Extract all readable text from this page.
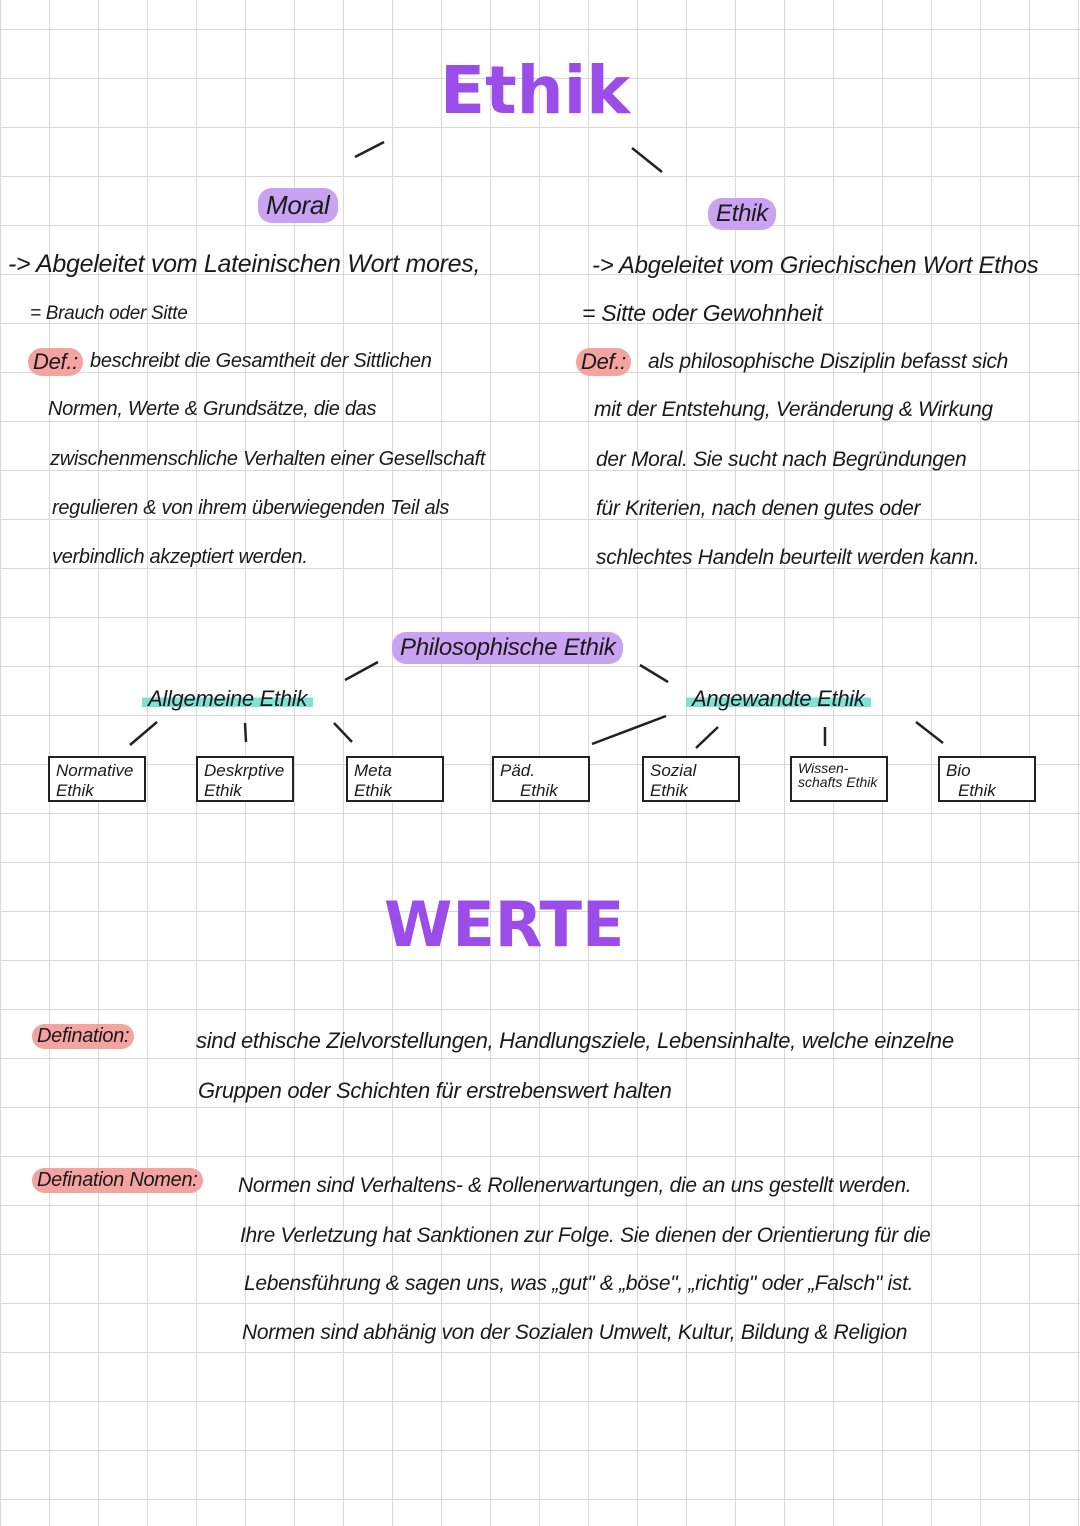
Ethik
Moral	Ethik
-> Abgeleitet vom Lateinischen Wort mores,
= Brauch oder Sitte
Def.: beschreibt die Gesamtheit der Sittlichen
Normen, Werte & Grundsätze, die das
zwischenmenschliche Verhalten einer Gesellschaft
regulieren & von ihrem überwiegenden Teil als
verbindlich akzeptiert werden.
-> Abgeleitet vom Griechischen Wort Ethos
= Sitte oder Gewohnheit
Def.: als philosophische Disziplin befasst sich
mit der Entstehung, Veränderung & Wirkung
der Moral. Sie sucht nach Begründungen
für Kriterien, nach denen gutes oder
schlechtes Handeln beurteilt werden kann.
Philosophische Ethik
Allgemeine Ethik	Angewandte Ethik
Normative
Ethik
Deskrptive
Ethik
Meta
Ethik
Päd.
Ethik
Sozial
Ethik
Wissen-
schafts Ethik
Bio
Ethik
WERTE
Defination:	sind ethische Zielvorstellungen, Handlungsziele, Lebensinhalte, welche einzelne
Gruppen oder Schichten für erstrebenswert halten
Defination Nomen: Normen sind Verhaltens- & Rollenerwartungen, die an uns gestellt werden.
Ihre Verletzung hat Sanktionen zur Folge. Sie dienen der Orientierung für die
Lebensführung & sagen uns, was „gut" & „böse", „richtig" oder „Falsch" ist.
Normen sind abhänig von der Sozialen Umwelt, Kultur, Bildung & Religion
